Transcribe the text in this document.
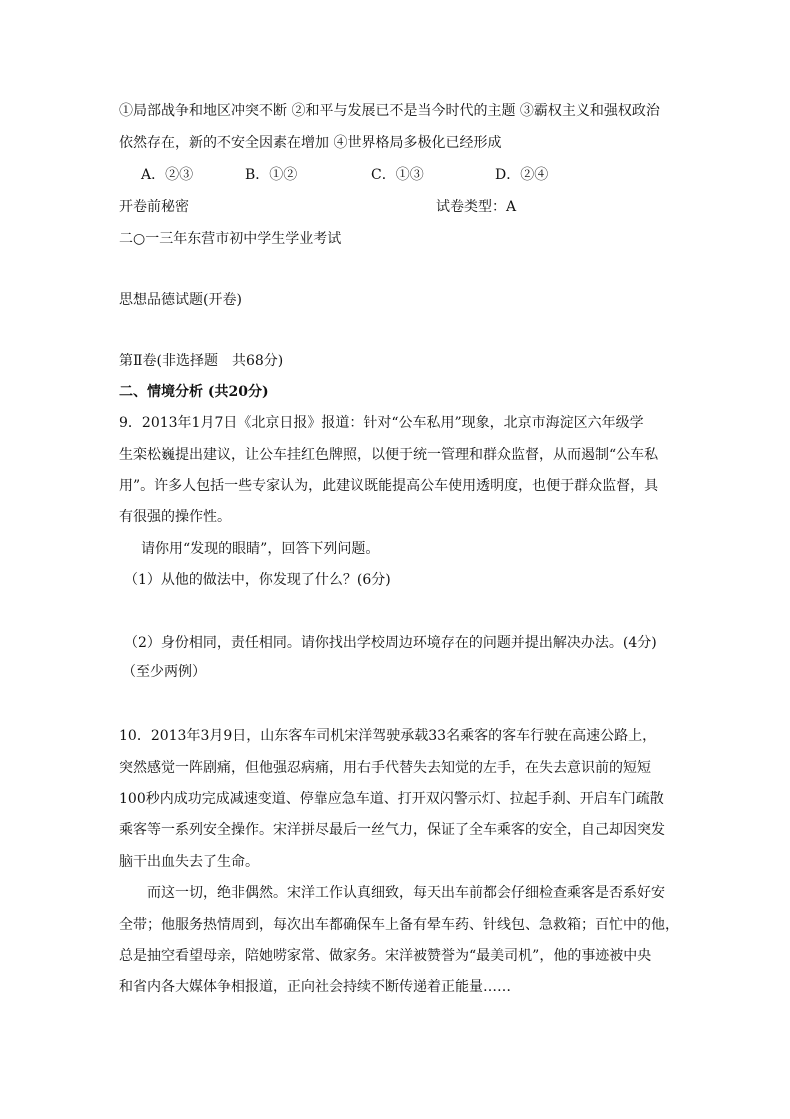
①局部战争和地区冲突不断 ②和平与发展已不是当今时代的主题 ③霸权主义和强权政治
依然存在，新的不安全因素在增加 ④世界格局多极化已经形成
A．②③	B．①②	C．①③	D．②④
开卷前秘密	试卷类型：A
二○一三年东营市初中学生学业考试
思想品德试题(开卷)
第Ⅱ卷(非选择题　共68分)
二、情境分析 (共20分)
9．2013年1月7日《北京日报》报道：针对“公车私用”现象，北京市海淀区六年级学
生栾松巍提出建议，让公车挂红色牌照，以便于统一管理和群众监督，从而遏制“公车私
用”。许多人包括一些专家认为，此建议既能提高公车使用透明度，也便于群众监督，具
有很强的操作性。
请你用“发现的眼睛”，回答下列问题。
（1）从他的做法中，你发现了什么？(6分)
（2）身份相同，责任相同。请你找出学校周边环境存在的问题并提出解决办法。(4分)
（至少两例）
10．2013年3月9日，山东客车司机宋洋驾驶承载33名乘客的客车行驶在高速公路上，
突然感觉一阵剧痛，但他强忍病痛，用右手代替失去知觉的左手，在失去意识前的短短
100秒内成功完成减速变道、停靠应急车道、打开双闪警示灯、拉起手刹、开启车门疏散
乘客等一系列安全操作。宋洋拼尽最后一丝气力，保证了全车乘客的安全，自己却因突发
脑干出血失去了生命。
而这一切，绝非偶然。宋洋工作认真细致，每天出车前都会仔细检查乘客是否系好安
全带；他服务热情周到，每次出车都确保车上备有晕车药、针线包、急救箱；百忙中的他，
总是抽空看望母亲，陪她唠家常、做家务。宋洋被赞誉为“最美司机”，他的事迹被中央
和省内各大媒体争相报道，正向社会持续不断传递着正能量……
